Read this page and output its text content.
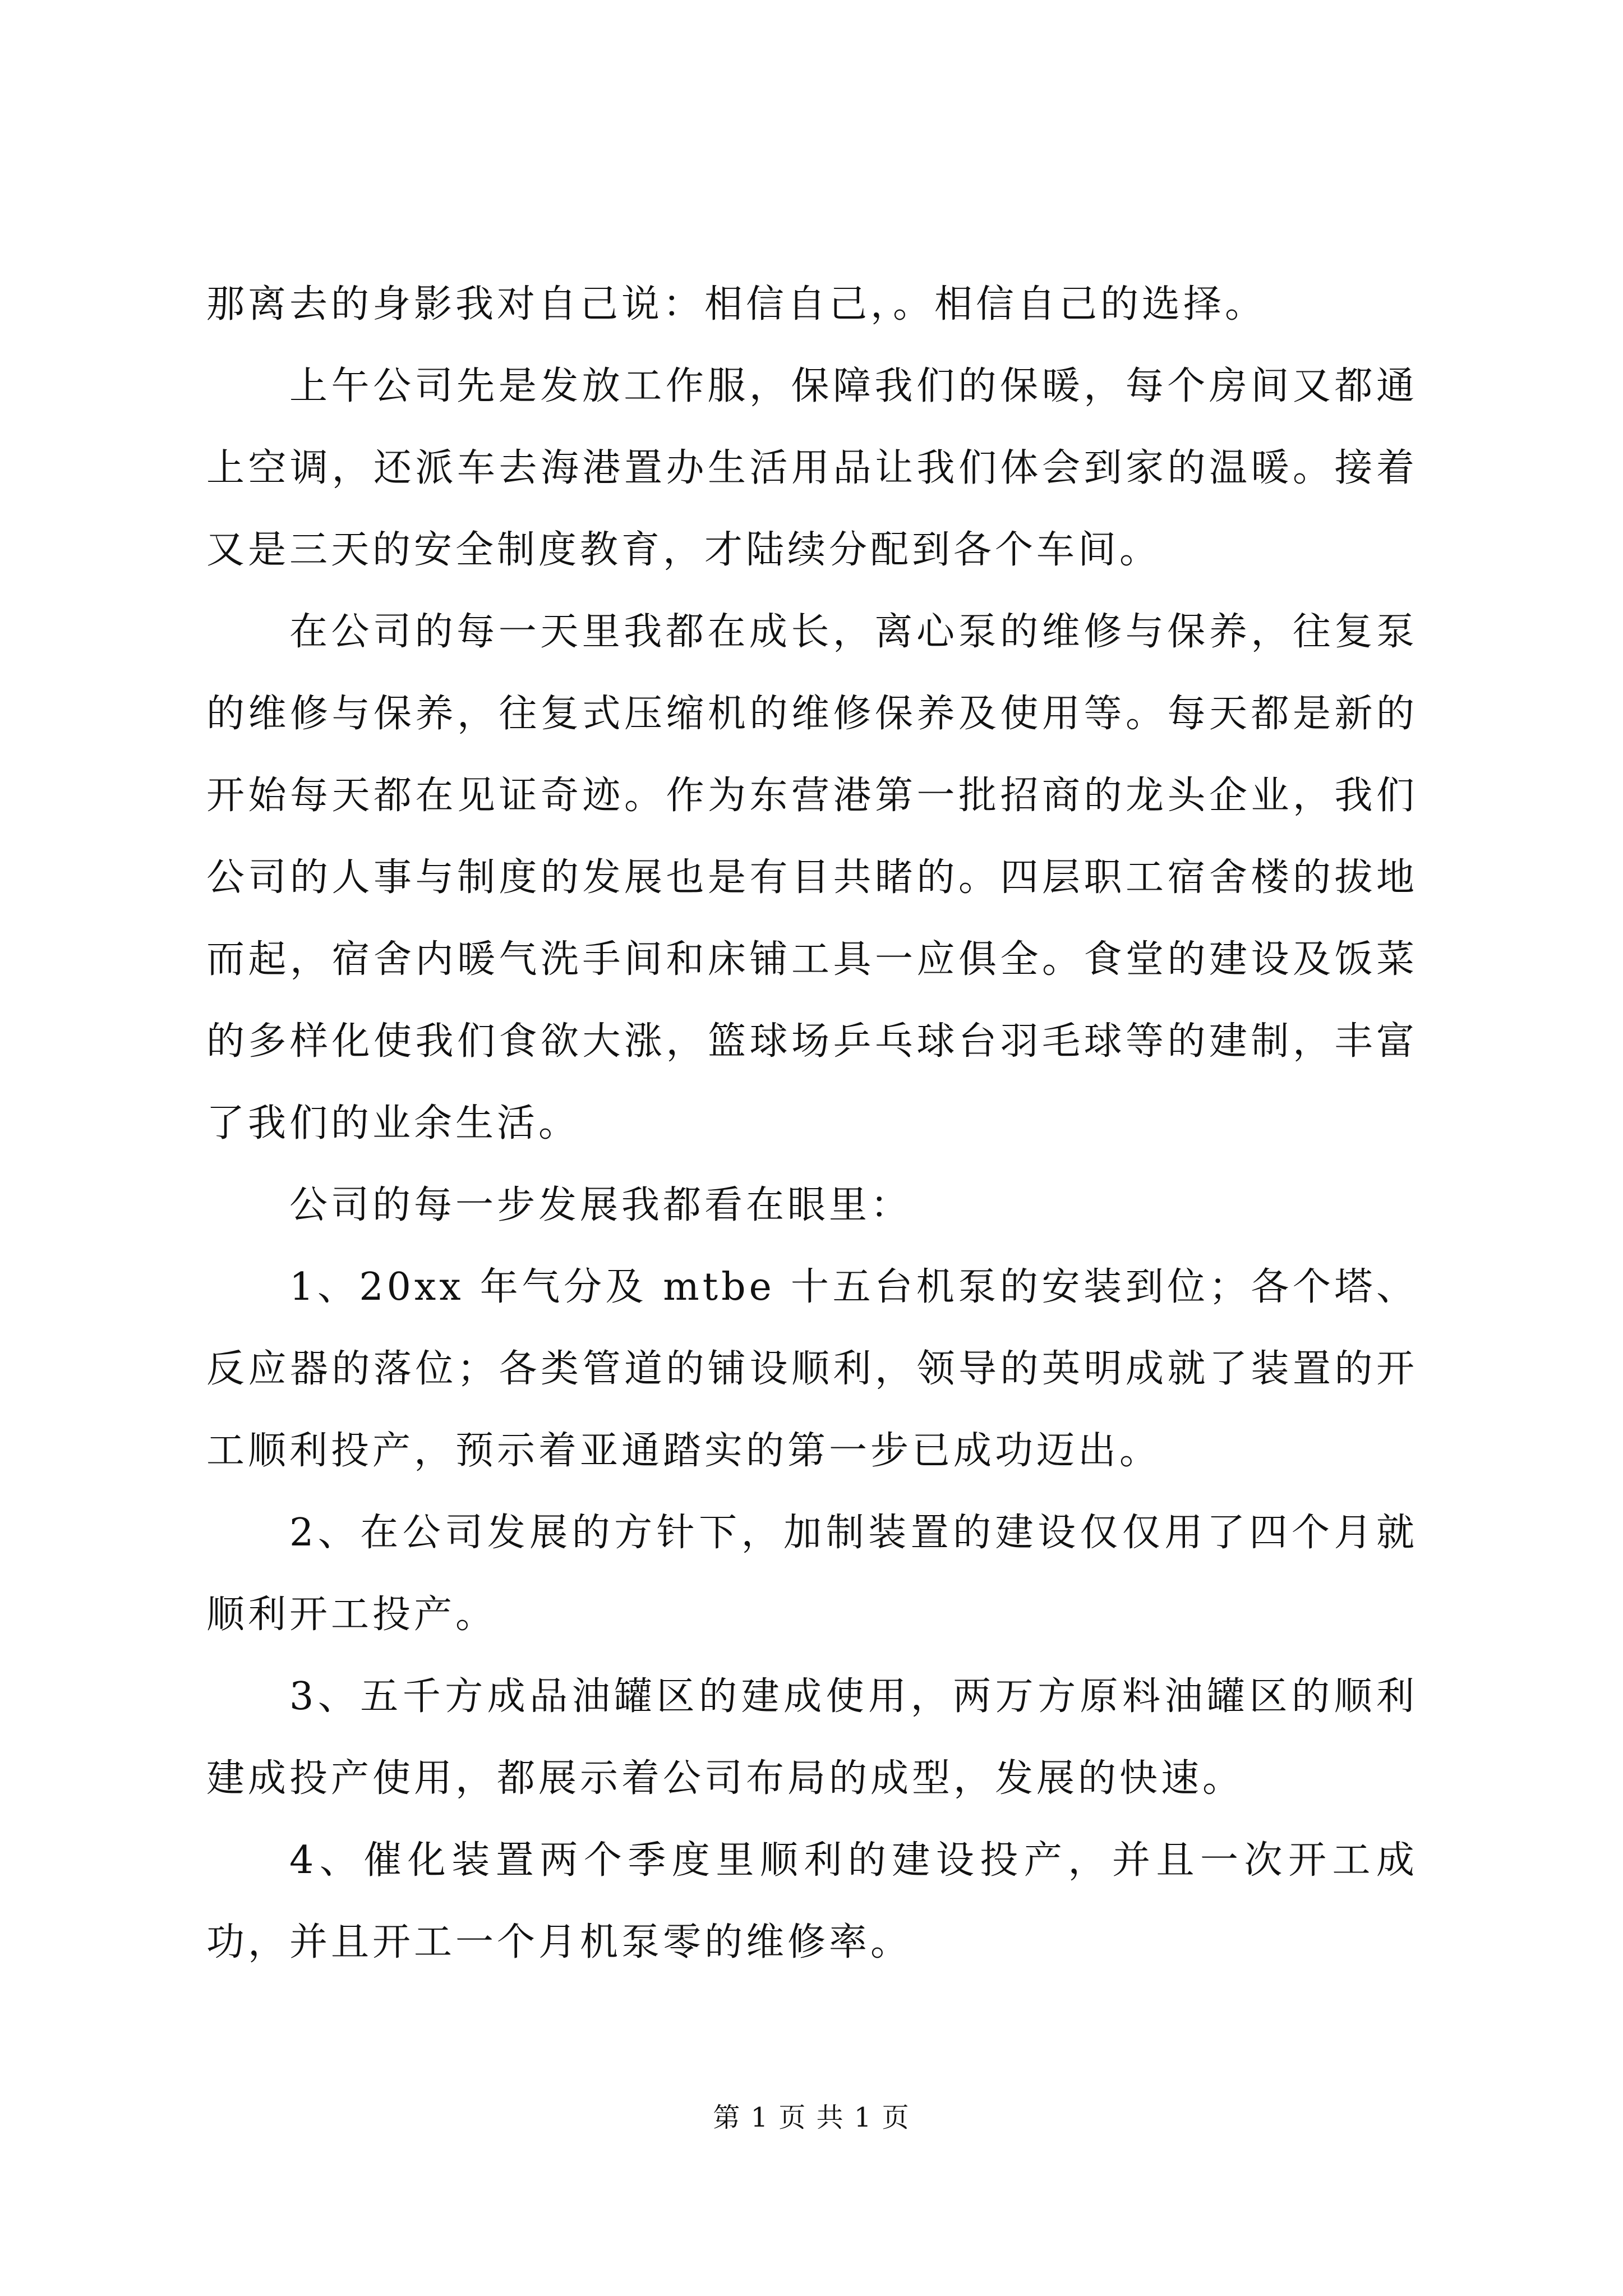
那离去的身影我对自己说：相信自己，。相信自己的选择。

上午公司先是发放工作服，保障我们的保暖，每个房间又都通上空调，还派车去海港置办生活用品让我们体会到家的温暖。接着又是三天的安全制度教育，才陆续分配到各个车间。

在公司的每一天里我都在成长，离心泵的维修与保养，往复泵的维修与保养，往复式压缩机的维修保养及使用等。每天都是新的开始每天都在见证奇迹。作为东营港第一批招商的龙头企业，我们公司的人事与制度的发展也是有目共睹的。四层职工宿舍楼的拔地而起，宿舍内暖气洗手间和床铺工具一应俱全。食堂的建设及饭菜的多样化使我们食欲大涨，篮球场乒乓球台羽毛球等的建制，丰富了我们的业余生活。

公司的每一步发展我都看在眼里：

1、20xx 年气分及 mtbe 十五台机泵的安装到位；各个塔、反应器的落位；各类管道的铺设顺利，领导的英明成就了装置的开工顺利投产，预示着亚通踏实的第一步已成功迈出。

2、在公司发展的方针下，加制装置的建设仅仅用了四个月就顺利开工投产。

3、五千方成品油罐区的建成使用，两万方原料油罐区的顺利建成投产使用，都展示着公司布局的成型，发展的快速。

4、催化装置两个季度里顺利的建设投产，并且一次开工成功，并且开工一个月机泵零的维修率。

第 1 页 共 1 页
